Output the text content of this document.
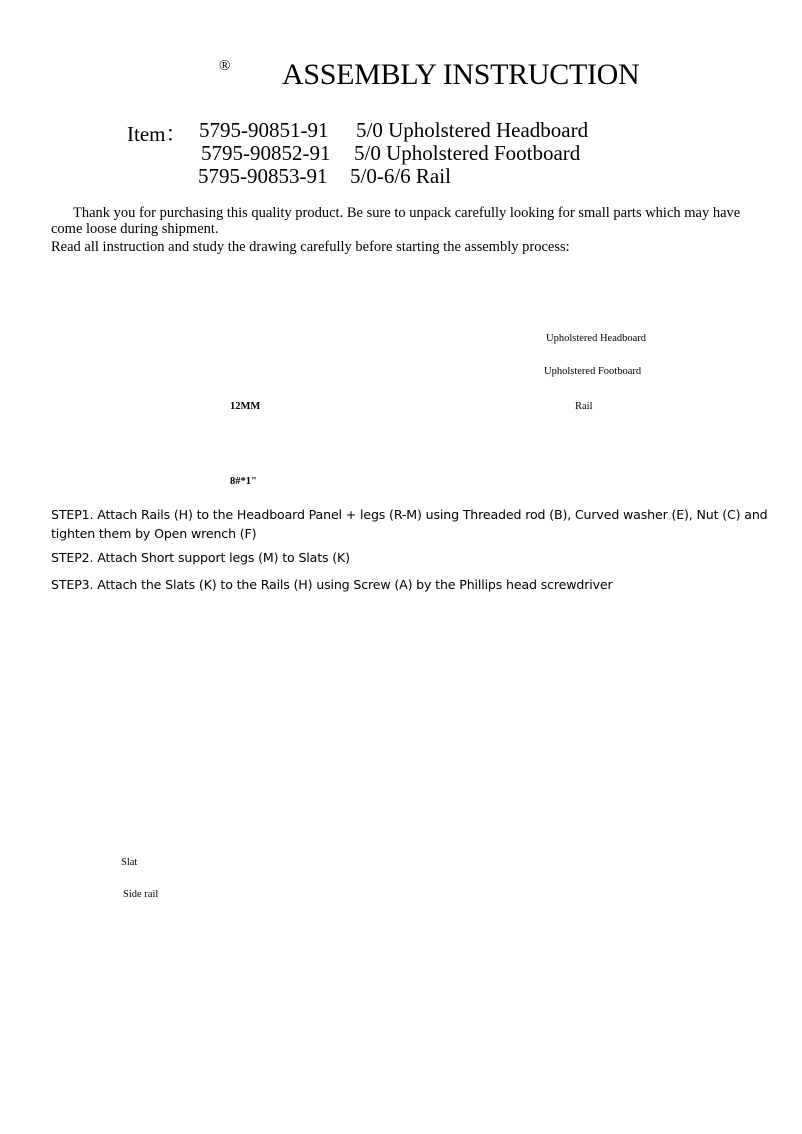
® ASSEMBLY INSTRUCTION
Item： 5795-90851-91 5/0 Upholstered Headboard
5795-90852-91 5/0 Upholstered Footboard
5795-90853-91 5/0-6/6 Rail
Thank you for purchasing this quality product. Be sure to unpack carefully looking for small parts which may have
come loose during shipment.
Read all instruction and study the drawing carefully before starting the assembly process:
Upholstered Headboard
Upholstered Footboard
Rail
12MM
8#*1"
STEP1. Attach Rails (H) to the Headboard Panel + legs (R-M) using Threaded rod (B), Curved washer (E), Nut (C) and
tighten them by Open wrench (F)
STEP2. Attach Short support legs (M) to Slats (K)
STEP3. Attach the Slats (K) to the Rails (H) using Screw (A) by the Phillips head screwdriver
Slat
Side rail
